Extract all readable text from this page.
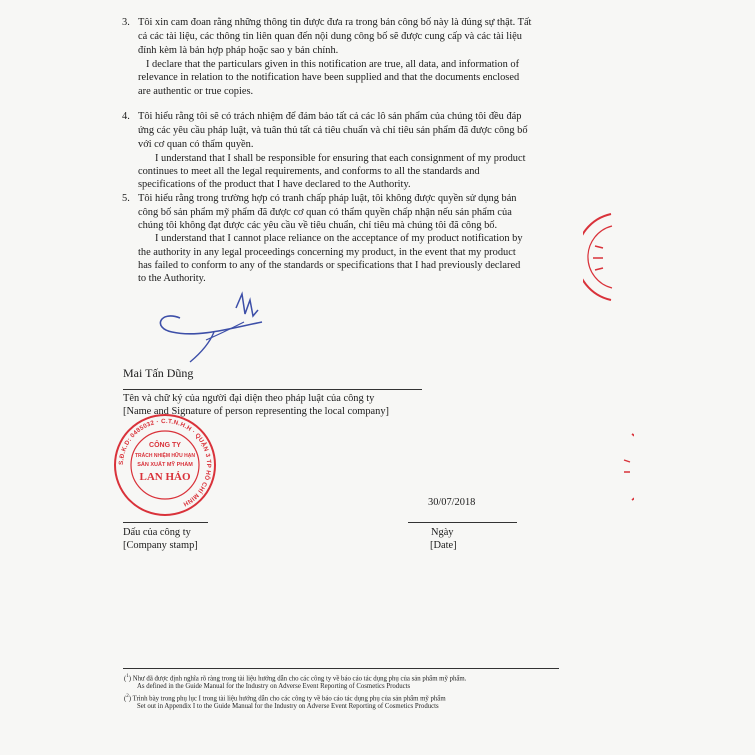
3. Tôi xin cam đoan rằng những thông tin được đưa ra trong bản công bố này là đúng sự thật. Tất
cả các tài liệu, các thông tin liên quan đến nội dung công bố sẽ được cung cấp và các tài liệu
đính kèm là bản hợp pháp hoặc sao y bản chính.
I declare that the particulars given in this notification are true, all data, and information of
relevance in relation to the notification have been supplied and that the documents enclosed
are authentic or true copies.
4. Tôi hiểu rằng tôi sẽ có trách nhiệm để đảm bảo tất cả các lô sản phẩm của chúng tôi đều đáp
ứng các yêu cầu pháp luật, và tuân thủ tất cả tiêu chuẩn và chỉ tiêu sản phẩm đã được công bố
với cơ quan có thẩm quyền.
I understand that I shall be responsible for ensuring that each consignment of my product
continues to meet all the legal requirements, and conforms to all the standards and
specifications of the product that I have declared to the Authority.
5. Tôi hiểu rằng trong trường hợp có tranh chấp pháp luật, tôi không được quyền sử dụng bản
công bố sản phẩm mỹ phẩm đã được cơ quan có thẩm quyền chấp nhận nếu sản phẩm của
chúng tôi không đạt được các yêu cầu về tiêu chuẩn, chỉ tiêu mà chúng tôi đã công bố.
I understand that I cannot place reliance on the acceptance of my product notification by
the authority in any legal proceedings concerning my product, in the event that my product
has failed to conform to any of the standards or specifications that I had previously declared
to the Authority.
Mai Tấn Dũng
Tên và chữ ký của người đại diện theo pháp luật của công ty
[Name and Signature of person representing the local company]
S.Đ.K.D: 0485032 · C.T.N.H.H · QUẬN 3 TP HỒ CHÍ MINH
CÔNG TY
TRÁCH NHIỆM HỮU HẠN
SẢN XUẤT MỸ PHẨM
LAN HẢO
30/07/2018
Ngày
[Date]
Dấu của công ty
[Company stamp]
($^1$) Như đã được định nghĩa rõ ràng trong tài liệu hướng dẫn cho các công ty về báo cáo tác dụng phụ của sản phẩm mỹ phẩm.
As defined in the Guide Manual for the Industry on Adverse Event Reporting of Cosmetics Products
($^2$) Trình bày trong phụ lục I trong tài liệu hướng dẫn cho các công ty về báo cáo tác dụng phụ của sản phẩm mỹ phẩm
Set out in Appendix I to the Guide Manual for the Industry on Adverse Event Reporting of Cosmetics Products
